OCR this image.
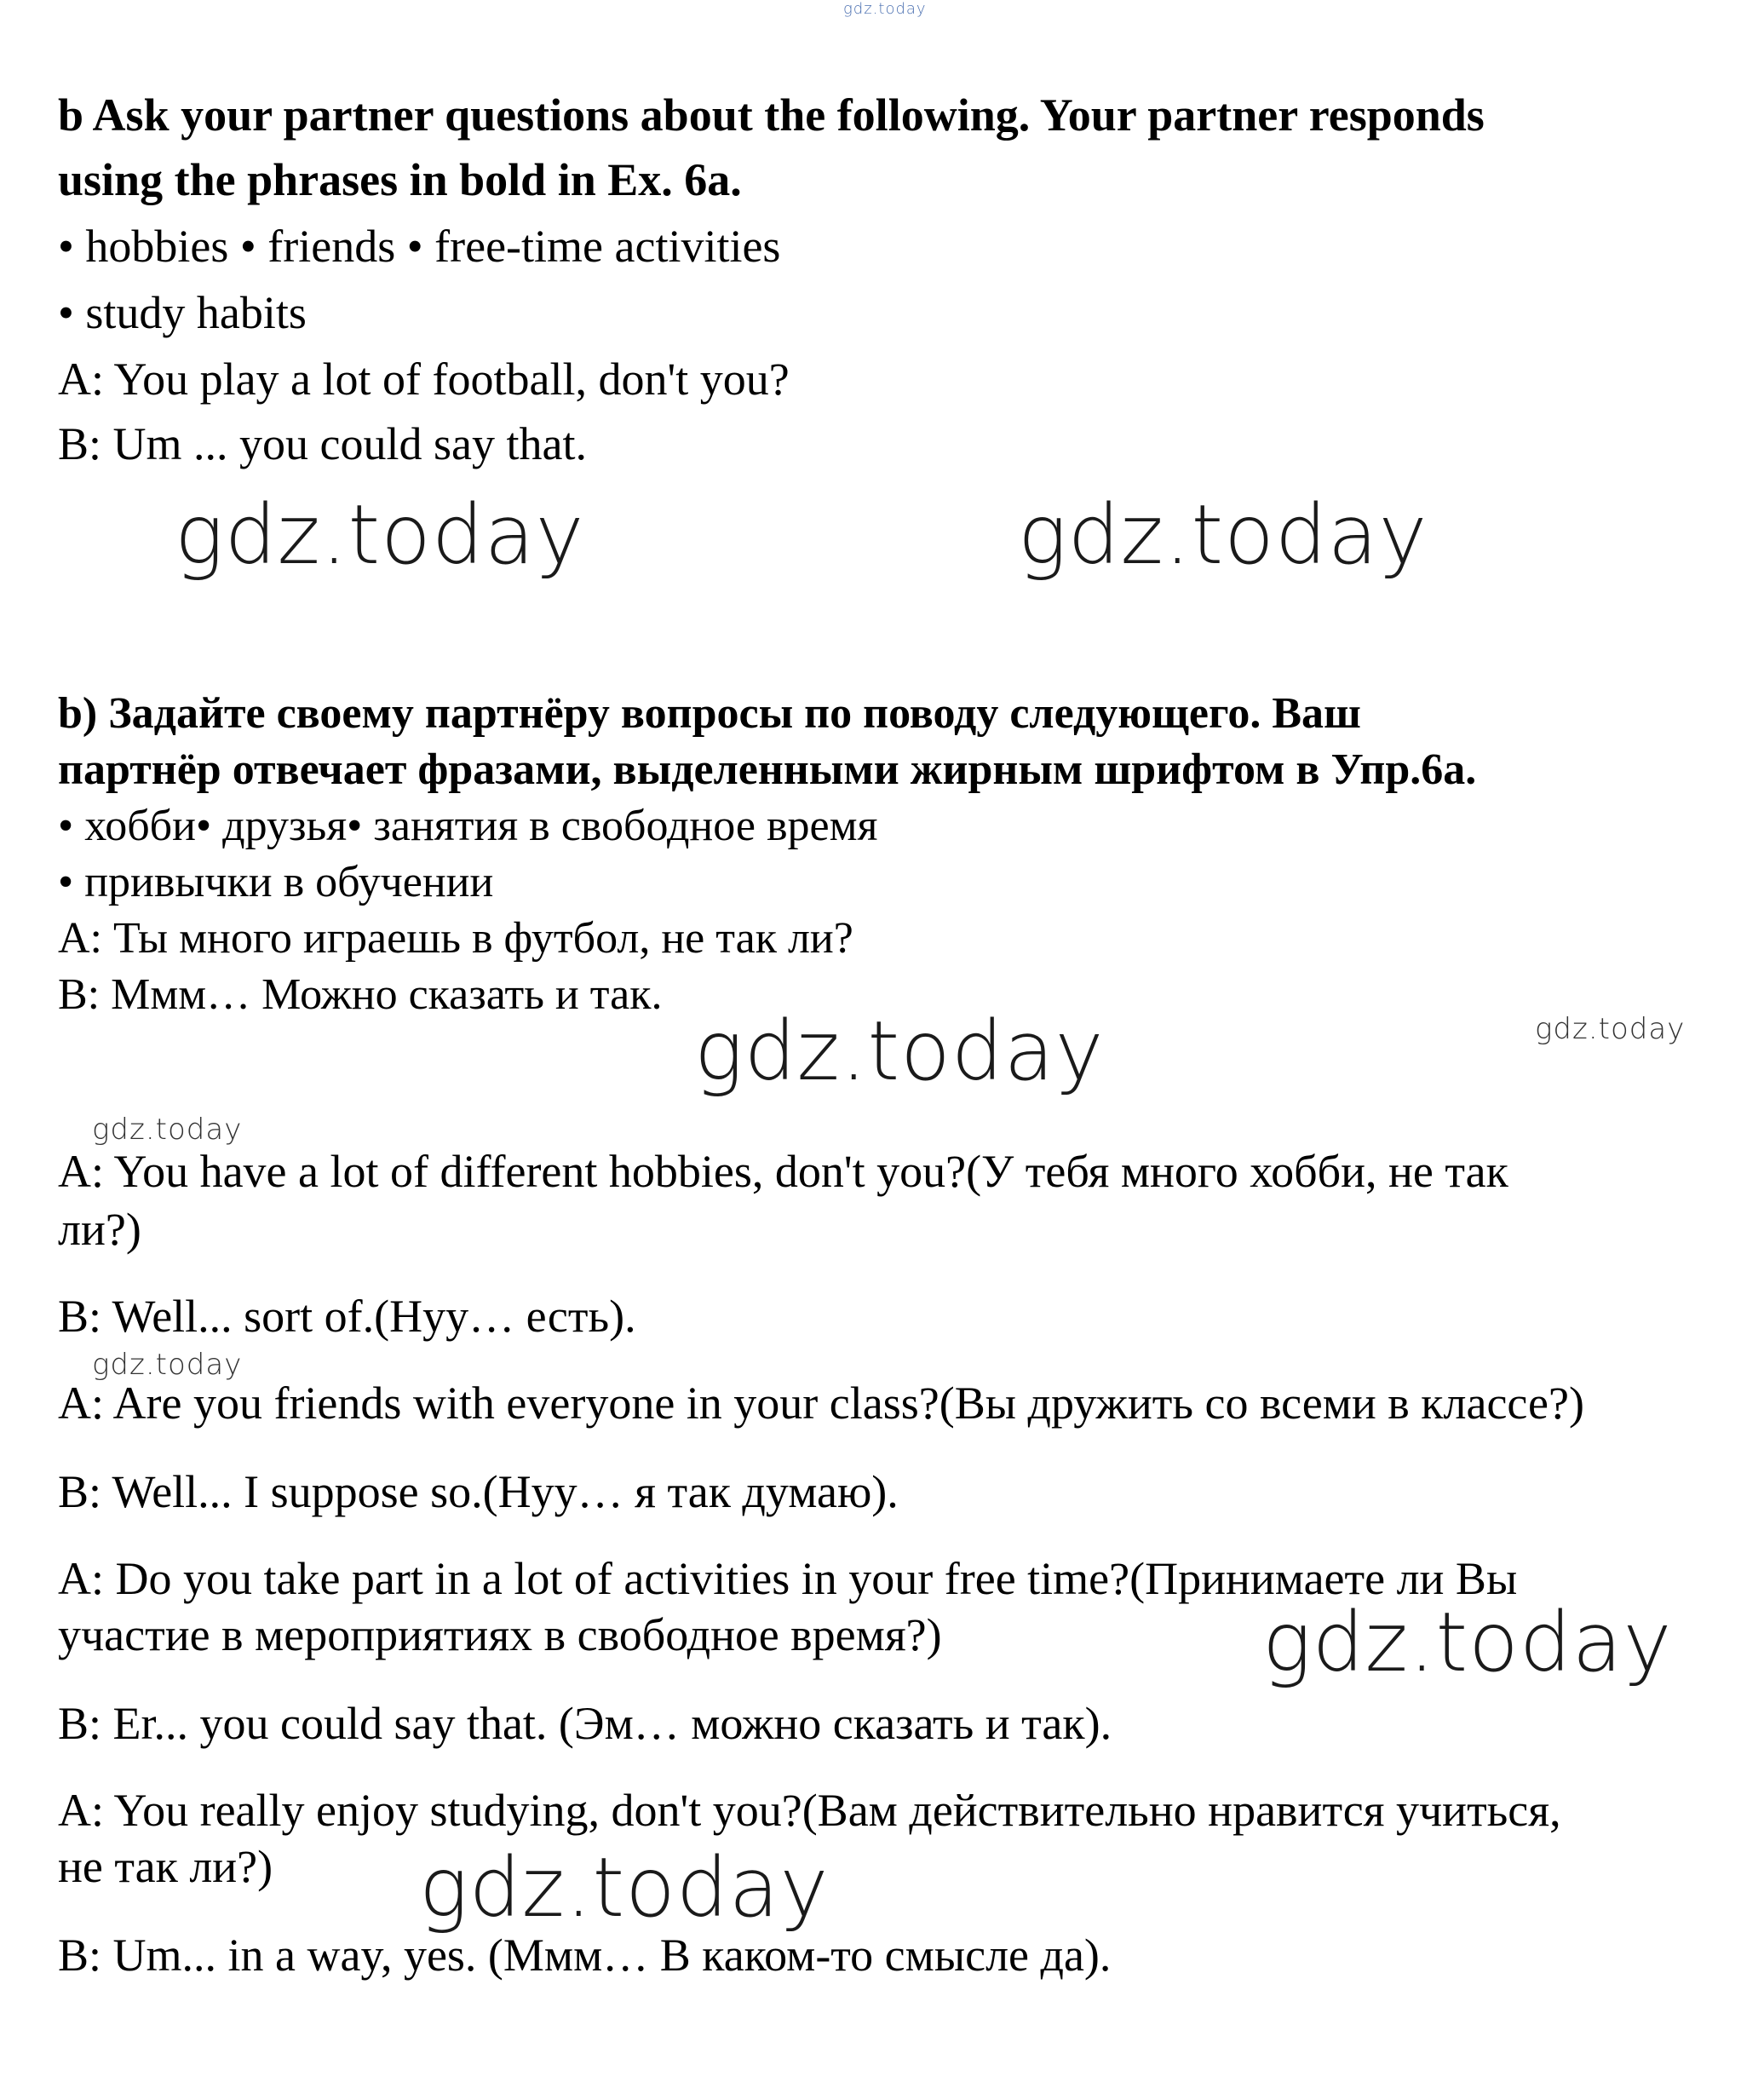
gdz.today
gdz.today	gdz.today
gdz.today	gdz.today
gdz.today
gdz.today
gdz.today
gdz.today
b Ask your partner questions about the following. Your partner responds
using the phrases in bold in Ex. 6a.
• hobbies • friends • free-time activities
• study habits
A: You play a lot of football, don't you?
B: Um ... you could say that.
b) Задайте своему партнёру вопросы по поводу следующего. Ваш
партнёр отвечает фразами, выделенными жирным шрифтом в Упр.6а.
• хобби• друзья• занятия в свободное время
• привычки в обучении
A: Ты много играешь в футбол, не так ли?
B: Ммм… Можно сказать и так.
A: You have a lot of different hobbies, don't you?(У тебя много хобби, не так
ли?)
B: Well... sort of.(Нуу… есть).
A: Are you friends with everyone in your class?(Вы дружить со всеми в классе?)
B: Well... I suppose so.(Нуу… я так думаю).
A: Do you take part in a lot of activities in your free time?(Принимаете ли Вы
участие в мероприятиях в свободное время?)
B: Er... you could say that. (Эм… можно сказать и так).
A: You really enjoy studying, don't you?(Вам действительно нравится учиться,
не так ли?)
B: Um... in a way, yes. (Ммм… В каком-то смысле да).
